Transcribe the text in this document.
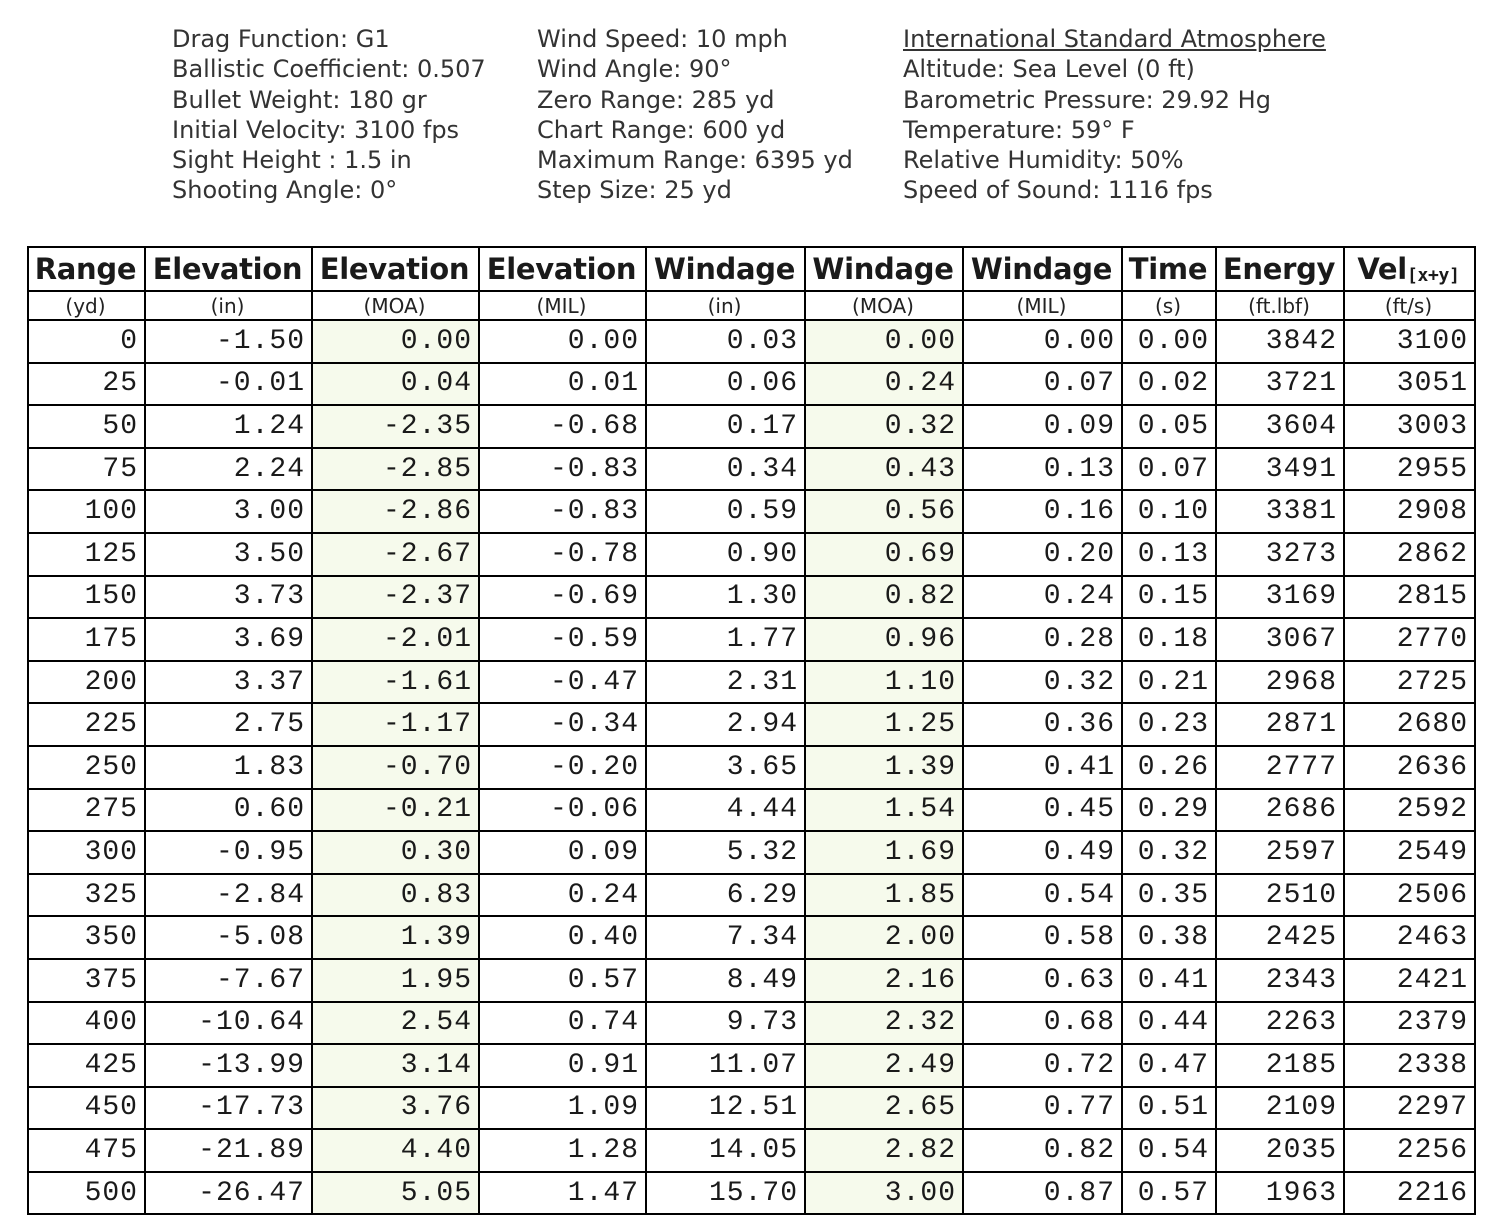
Drag Function: G1
Ballistic Coefficient: 0.507
Bullet Weight: 180 gr
Initial Velocity: 3100 fps
Sight Height : 1.5 in
Shooting Angle: 0°
Wind Speed: 10 mph
Wind Angle: 90°
Zero Range: 285 yd
Chart Range: 600 yd
Maximum Range: 6395 yd
Step Size: 25 yd
International Standard Atmosphere
Altitude: Sea Level (0 ft)
Barometric Pressure: 29.92 Hg
Temperature: 59° F
Relative Humidity: 50%
Speed of Sound: 1116 fps
Range	Elevation	Elevation	Elevation	Windage	Windage	Windage	Time	Energy	Vel$_{[x+y]}$
(yd)	(in)	(MOA)	(MIL)	(in)	(MOA)	(MIL)	(s)	(ft.lbf)	(ft/s)
0	-1.50	0.00	0.00	0.03	0.00	0.00	0.00	3842	3100
25	-0.01	0.04	0.01	0.06	0.24	0.07	0.02	3721	3051
50	1.24	-2.35	-0.68	0.17	0.32	0.09	0.05	3604	3003
75	2.24	-2.85	-0.83	0.34	0.43	0.13	0.07	3491	2955
100	3.00	-2.86	-0.83	0.59	0.56	0.16	0.10	3381	2908
125	3.50	-2.67	-0.78	0.90	0.69	0.20	0.13	3273	2862
150	3.73	-2.37	-0.69	1.30	0.82	0.24	0.15	3169	2815
175	3.69	-2.01	-0.59	1.77	0.96	0.28	0.18	3067	2770
200	3.37	-1.61	-0.47	2.31	1.10	0.32	0.21	2968	2725
225	2.75	-1.17	-0.34	2.94	1.25	0.36	0.23	2871	2680
250	1.83	-0.70	-0.20	3.65	1.39	0.41	0.26	2777	2636
275	0.60	-0.21	-0.06	4.44	1.54	0.45	0.29	2686	2592
300	-0.95	0.30	0.09	5.32	1.69	0.49	0.32	2597	2549
325	-2.84	0.83	0.24	6.29	1.85	0.54	0.35	2510	2506
350	-5.08	1.39	0.40	7.34	2.00	0.58	0.38	2425	2463
375	-7.67	1.95	0.57	8.49	2.16	0.63	0.41	2343	2421
400	-10.64	2.54	0.74	9.73	2.32	0.68	0.44	2263	2379
425	-13.99	3.14	0.91	11.07	2.49	0.72	0.47	2185	2338
450	-17.73	3.76	1.09	12.51	2.65	0.77	0.51	2109	2297
475	-21.89	4.40	1.28	14.05	2.82	0.82	0.54	2035	2256
500	-26.47	5.05	1.47	15.70	3.00	0.87	0.57	1963	2216
